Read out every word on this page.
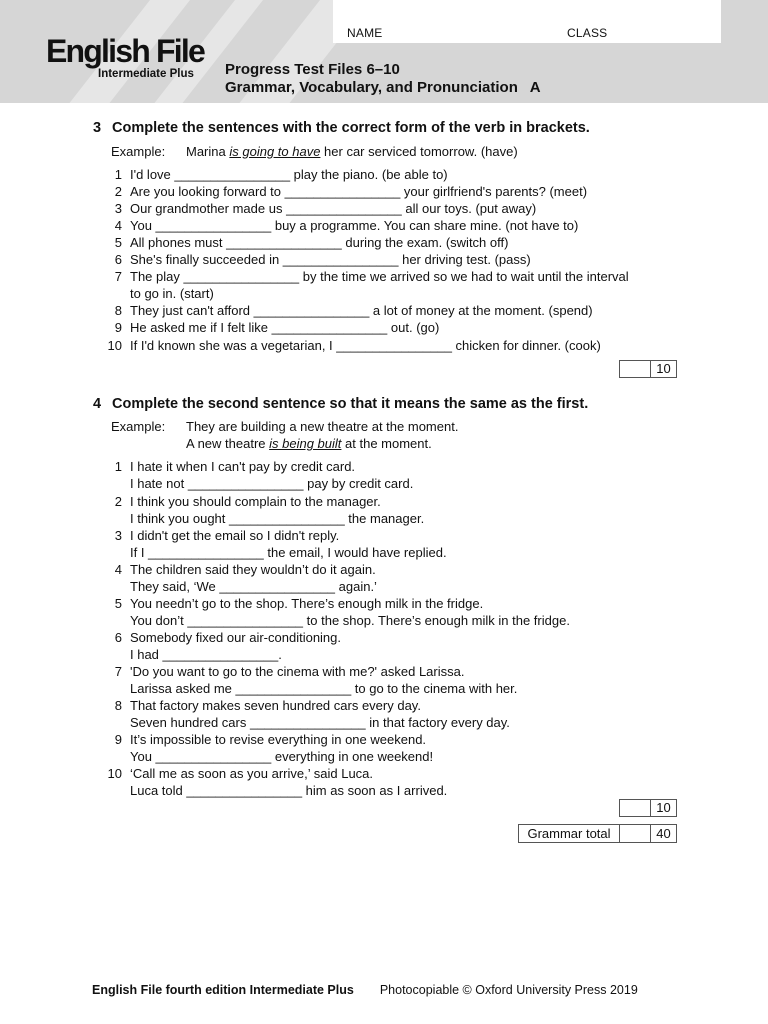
English File
Intermediate Plus
NAME	CLASS
Progress Test Files 6–10
Grammar, Vocabulary, and Pronunciation   A
3 Complete the sentences with the correct form of the verb in brackets.
Example: Marina is going to have her car serviced tomorrow. (have)
1 I'd love ________________ play the piano. (be able to)
2 Are you looking forward to ________________ your girlfriend's parents? (meet)
3 Our grandmother made us ________________ all our toys. (put away)
4 You ________________ buy a programme. You can share mine. (not have to)
5 All phones must ________________ during the exam. (switch off)
6 She's finally succeeded in ________________ her driving test. (pass)
7 The play ________________ by the time we arrived so we had to wait until the interval
to go in. (start)
8 They just can't afford ________________ a lot of money at the moment. (spend)
9 He asked me if I felt like ________________ out. (go)
10 If I'd known she was a vegetarian, I ________________ chicken for dinner. (cook)
10
4 Complete the second sentence so that it means the same as the first.
Example: They are building a new theatre at the moment.
A new theatre is being built at the moment.
1 I hate it when I can't pay by credit card.
I hate not ________________ pay by credit card.
2 I think you should complain to the manager.
I think you ought ________________ the manager.
3 I didn't get the email so I didn't reply.
If I ________________ the email, I would have replied.
4 The children said they wouldn’t do it again.
They said, ‘We ________________ again.’
5 You needn’t go to the shop. There’s enough milk in the fridge.
You don’t ________________ to the shop. There’s enough milk in the fridge.
6 Somebody fixed our air-conditioning.
I had ________________.
7 'Do you want to go to the cinema with me?' asked Larissa.
Larissa asked me ________________ to go to the cinema with her.
8 That factory makes seven hundred cars every day.
Seven hundred cars ________________ in that factory every day.
9 It’s impossible to revise everything in one weekend.
You ________________ everything in one weekend!
10 ‘Call me as soon as you arrive,’ said Luca.
Luca told ________________ him as soon as I arrived.
10
Grammar total	40
English File fourth edition Intermediate Plus Photocopiable © Oxford University Press 2019
